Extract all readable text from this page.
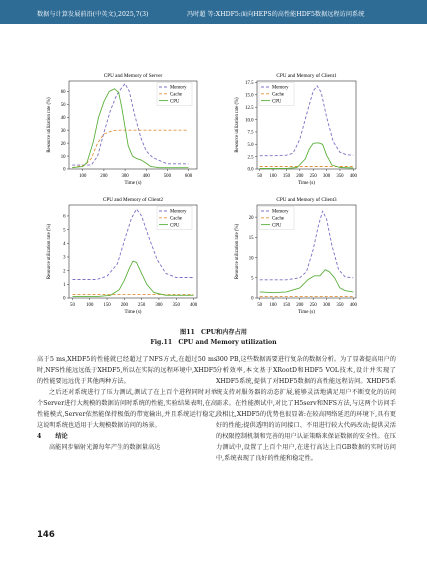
数据与计算发展前沿(中英文),2025,7(3)	冯时超 等:XHDF5:面向HEPS的高性能HDF5数据远程访问系统
CPU and Memory of Server
100	200	300	400	500	600
0
10
20
30
40
50
60
Time (s)
Resource utilization rate (%)
Memory
Cache
CPU
CPU and Memory of Client1
50 100 150 200 250 300 350 400
0.0
2.5
5.0
7.5
10.0
12.5
15.0
17.5
Time (s)
Resource utilization rate (%)
Memory
Cache
CPU
CPU and Memory of Client2
50 100 150 200 250 300 350 400
0
1
2
3
4
5
6
Time (s)
Resource utilization rate (%)
Memory
Cache
CPU
CPU and Memory of Client3
50 100 150 200 250 300 350 400
0
5
10
15
20
Time (s)
Resource utilization rate (%)
Memory
Cache
CPU
图11　CPU和内存占用
Fig.11　CPU and Memory utilization

高于5 ms,XHDF5的性能就已经超过了NFS方式,在超过50 ms时,NFS性能远远低于XHDF5,所以在实际的远程环境中,XHDF5的性能要远远优于其他两种方法。

之后还对系统进行了压力测试,测试了在上百个进程同时对单个Server进行大规模的数据访问时系统的性能,实验结果表明,在高性能模式,Server依然能保持极低的带宽输出,并且系统运行稳定,这说明系统也适用于大规模数据访问的场景。

4 结论

高能同步辐射光源每年产生的数据量高达

300 PB,这些数据需要进行复杂的数据分析。为了显著提高用户的分析效率,本文基于XRootD和HDF5 VOL技术,设计并实现了XHDF5系统,提供了对HDF5数据的高性能远程访问。XHDF5系统支持对服务器的动态扩展,能够灵活地满足用户不断变化的访问需求。在性能测试中,对比了H5serv和NFS方法,与这两个访问手段相比,XHDF5的优势也很显著:在较高网络延迟的环境下,具有更好的性能;提供透明的访问接口、不用进行较大代码改动;提供灵活的权限控制机制和完善的用户认证策略来保证数据的安全性。在压力测试中,设置了上百个用户,在进行高达上百GB数据的实时访问中,系统表现了良好的性能和稳定性。

146
